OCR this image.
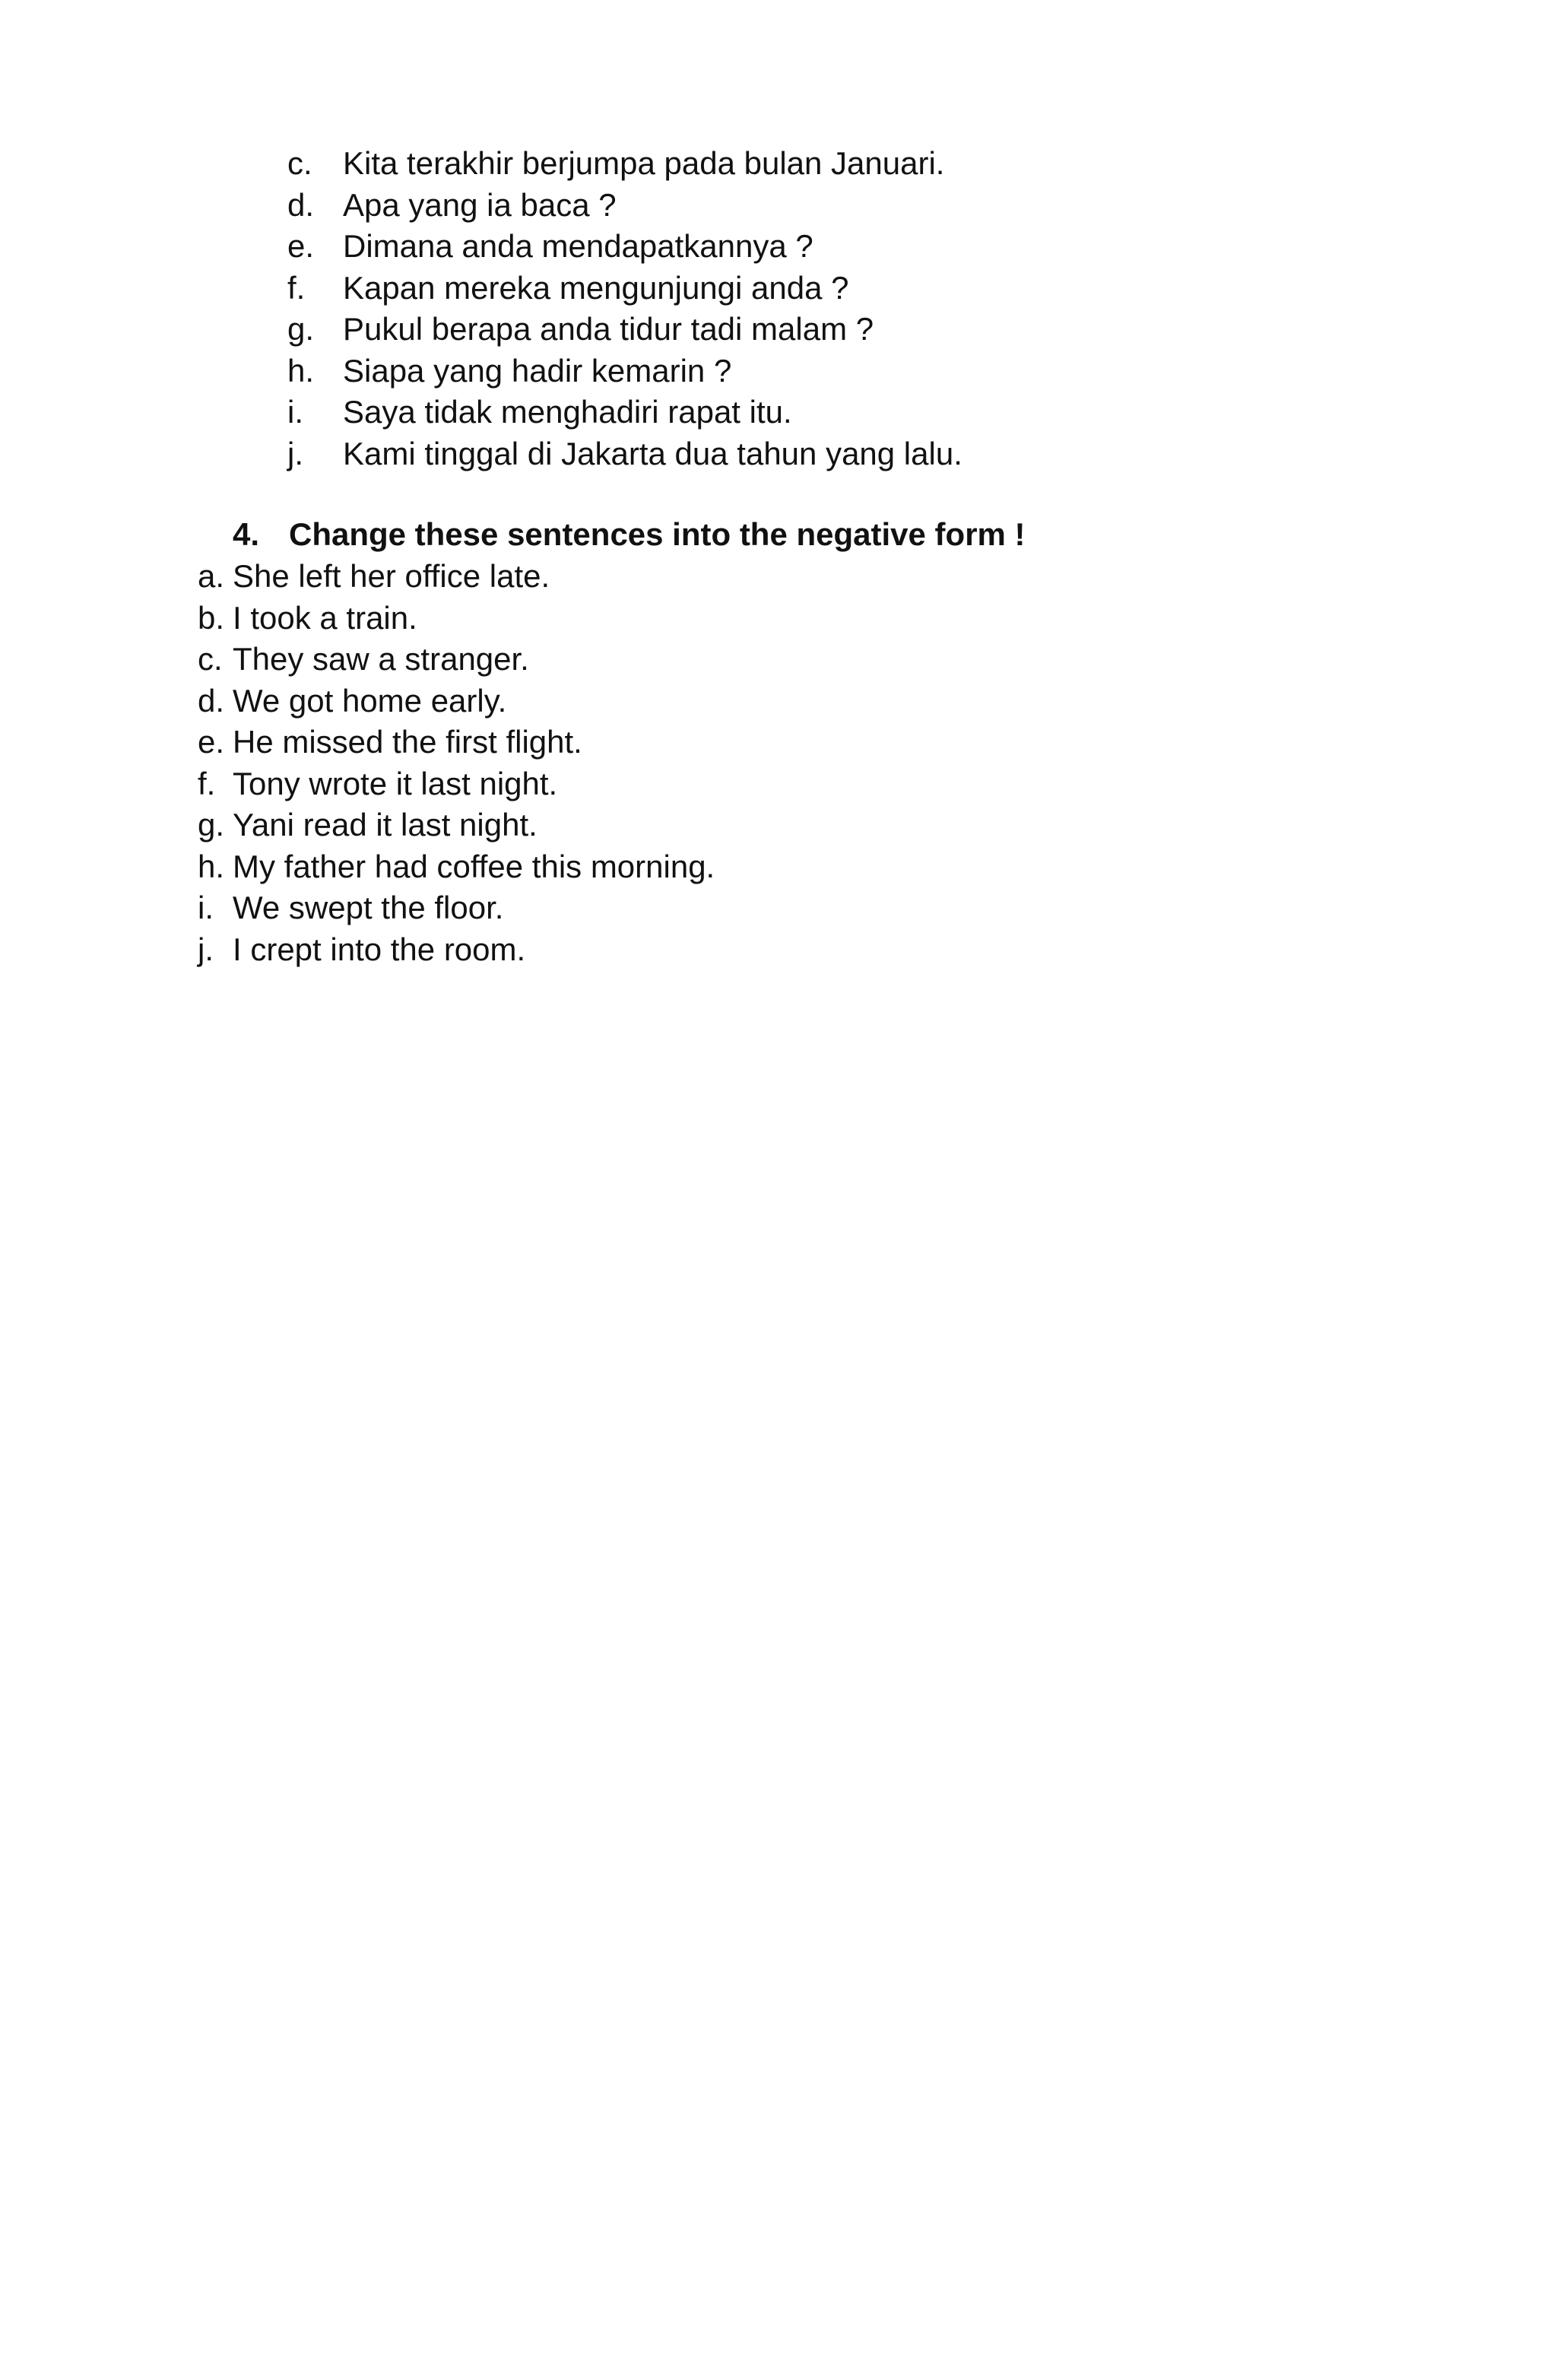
c. Kita terakhir berjumpa pada bulan Januari.
d. Apa yang ia baca ?
e. Dimana anda mendapatkannya ?
f. Kapan mereka mengunjungi anda ?
g. Pukul berapa anda tidur tadi malam ?
h. Siapa yang hadir kemarin ?
i. Saya tidak menghadiri rapat itu.
j. Kami tinggal di Jakarta dua tahun yang lalu.
4. Change these sentences into the negative form !
a. She left her office late.
b. I took a train.
c. They saw a stranger.
d. We got home early.
e. He missed the first flight.
f. Tony wrote it last night.
g. Yani read it last night.
h. My father had coffee this morning.
i. We swept the floor.
j. I crept into the room.
